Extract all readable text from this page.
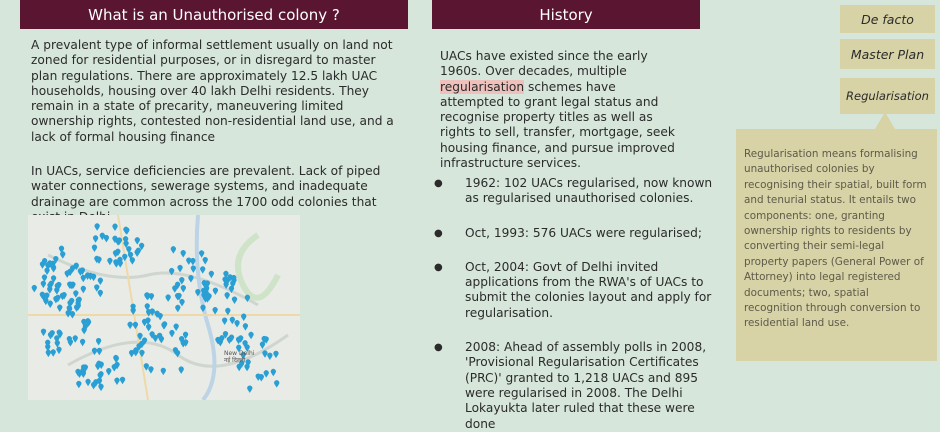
What is an Unauthorised colony ?	History

A prevalent type of informal settlement usually on land not zoned for residential purposes, or in disregard to master plan regulations. There are approximately 12.5 lakh UAC households, housing over 40 lakh Delhi residents. They remain in a state of precarity, maneuvering limited ownership rights, contested non-residential land use, and a lack of formal housing finance

In UACs, service deficiencies are prevalent. Lack of piped water connections, sewerage systems, and inadequate drainage are common across the 1700 odd colonies that

New Delhi
नई दिल्ली

UACs have existed since the early 1960s. Over decades, multiple regularisation schemes have attempted to grant legal status and recognise property titles as well as rights to sell, transfer, mortgage, seek housing finance, and pursue improved infrastructure services.

● 1962: 102 UACs regularised, now known as regularised unauthorised colonies.
● Oct, 1993: 576 UACs were regularised;
● Oct, 2004: Govt of Delhi invited applications from the RWA's of UACs to submit the colonies layout and apply for regularisation.
● 2008: Ahead of assembly polls in 2008, 'Provisional Regularisation Certificates (PRC)' granted to 1,218 UACs and 895 were regularised in 2008. The Delhi Lokayukta later ruled that these were done
De facto
Master Plan
Regularisation
Regularisation means formalising unauthorised colonies by recognising their spatial, built form and tenurial status. It entails two components: one, granting ownership rights to residents by converting their semi-legal property papers (General Power of Attorney) into legal registered documents; two, spatial recognition through conversion to residential land use.
